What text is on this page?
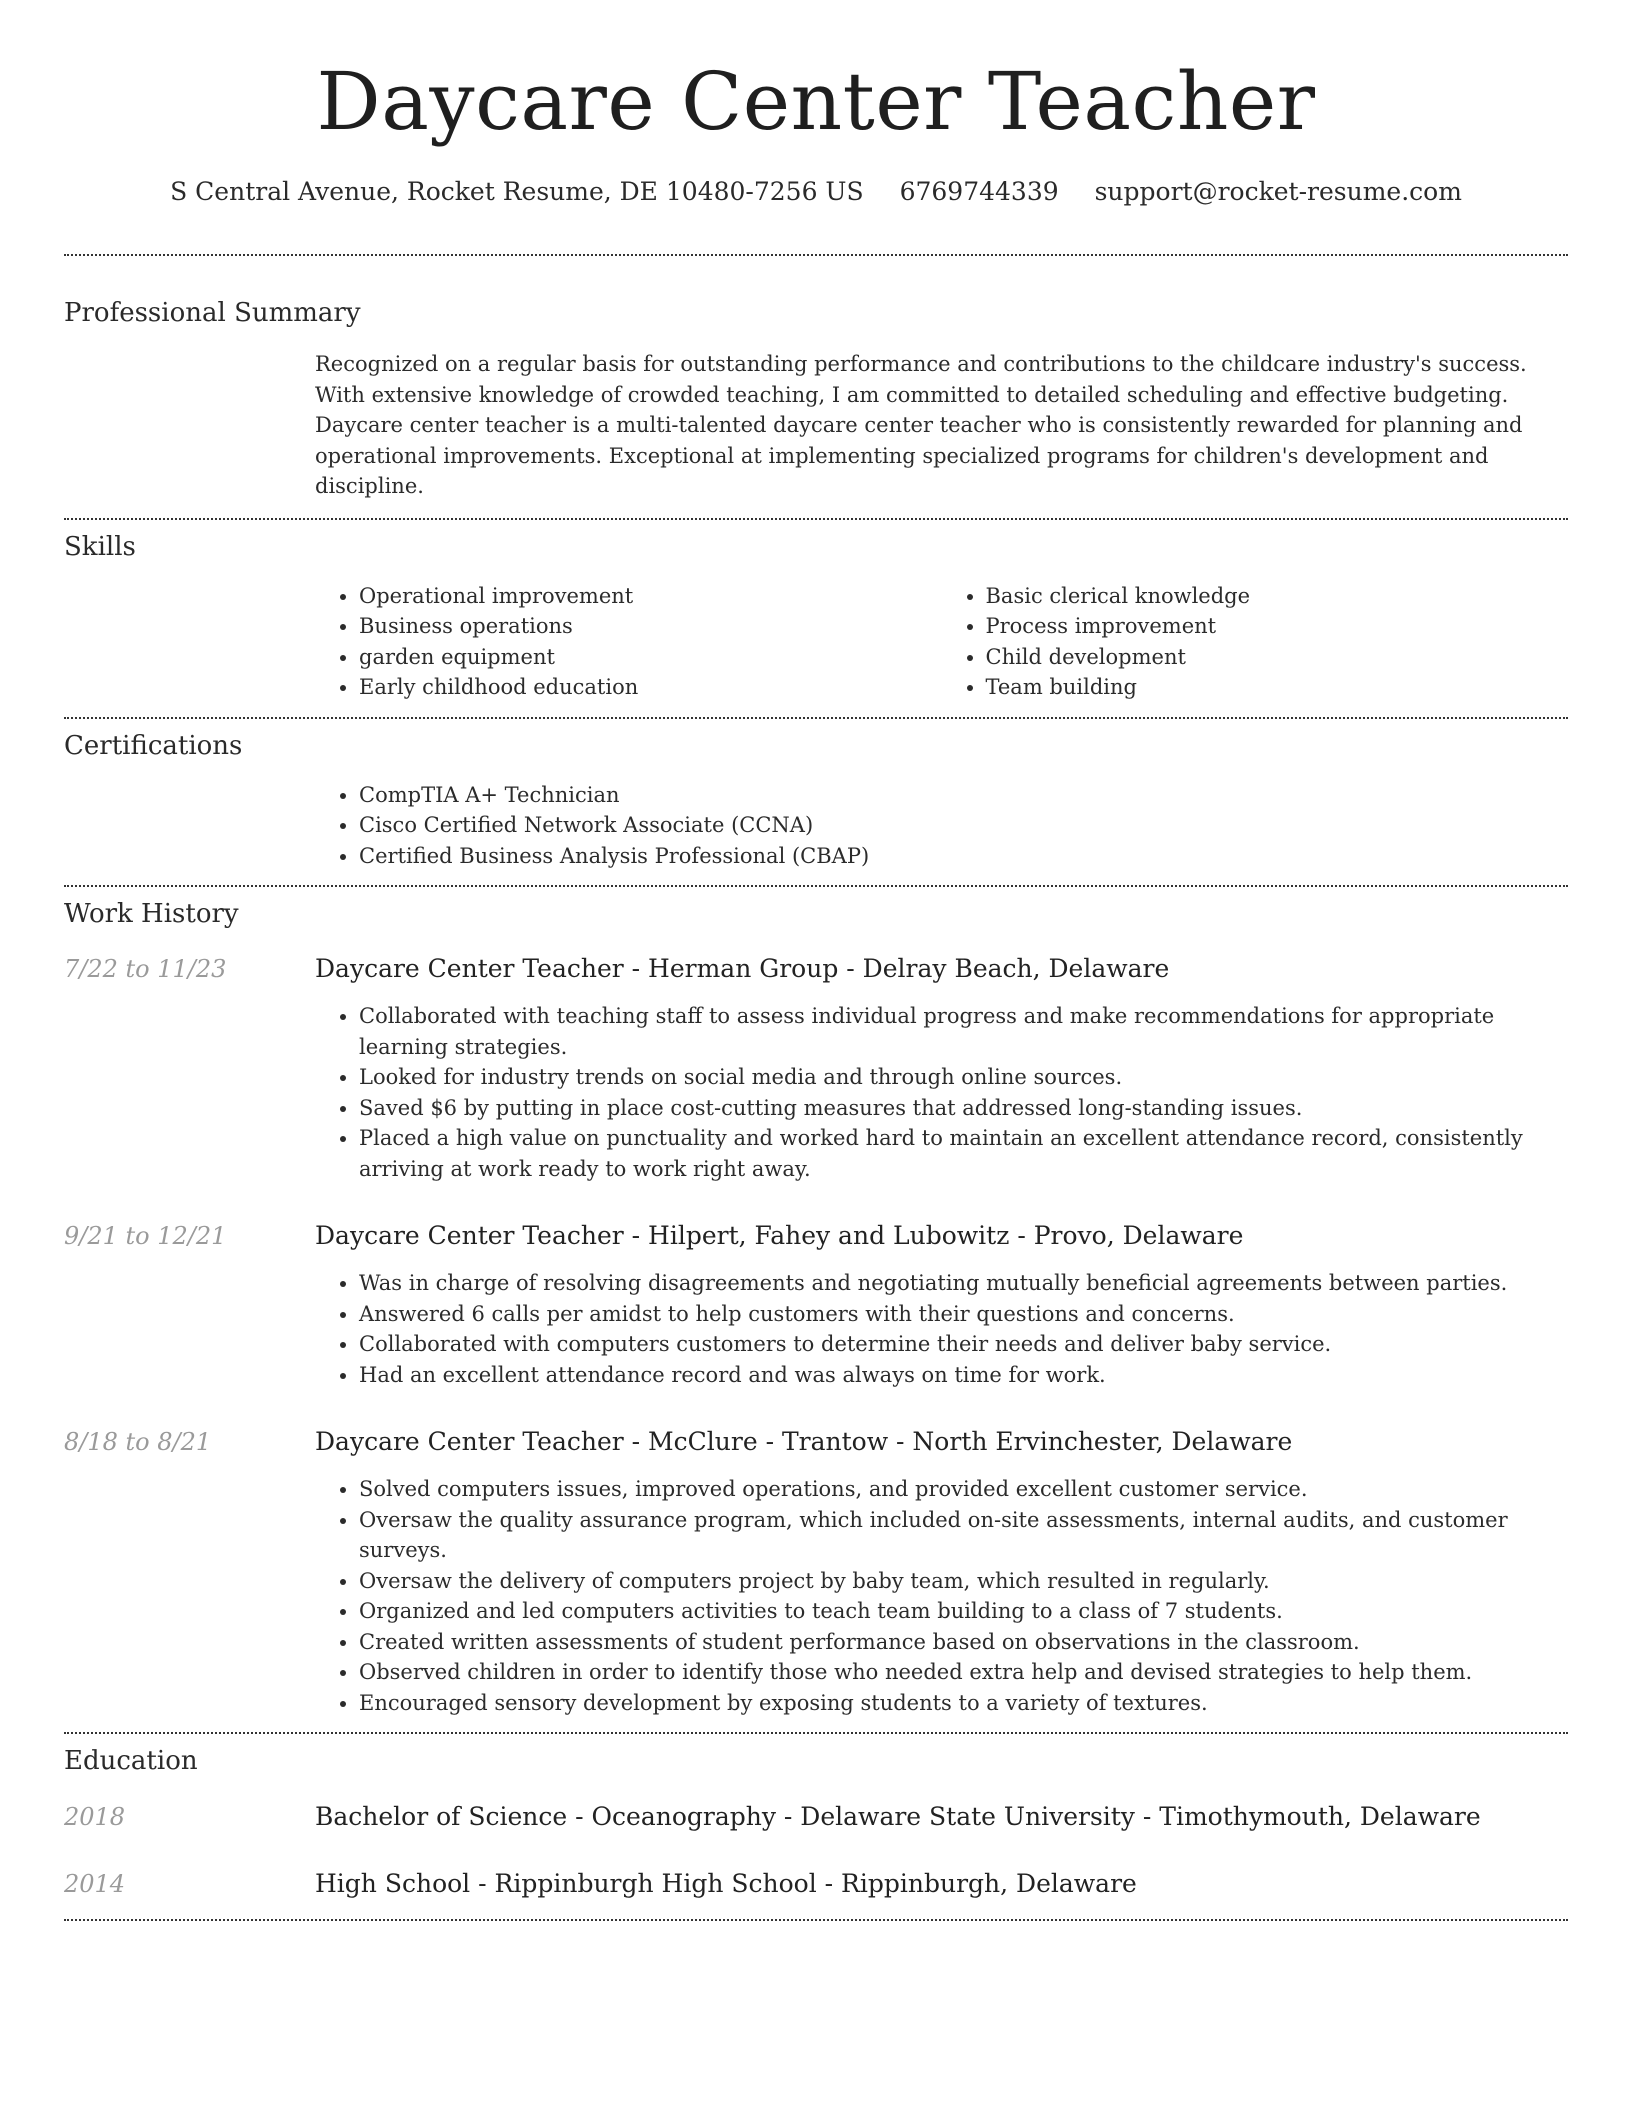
Daycare Center Teacher
S Central Avenue, Rocket Resume, DE 10480-7256 US 6769744339 support@rocket-resume.com
Professional Summary

Recognized on a regular basis for outstanding performance and contributions to the childcare industry's success. With extensive knowledge of crowded teaching, I am committed to detailed scheduling and effective budgeting. Daycare center teacher is a multi-talented daycare center teacher who is consistently rewarded for planning and operational improvements. Exceptional at implementing specialized programs for children's development and discipline.

Skills
• Operational improvement
• Business operations
• garden equipment
• Early childhood education
• Basic clerical knowledge
• Process improvement
• Child development
• Team building
Certifications
• CompTIA A+ Technician
• Cisco Certified Network Associate (CCNA)
• Certified Business Analysis Professional (CBAP)
Work History
7/22 to 11/23	Daycare Center Teacher - Herman Group - Delray Beach, Delaware
• Collaborated with teaching staff to assess individual progress and make recommendations for appropriate learning strategies.
• Looked for industry trends on social media and through online sources.
• Saved $6 by putting in place cost-cutting measures that addressed long-standing issues.
• Placed a high value on punctuality and worked hard to maintain an excellent attendance record, consistently arriving at work ready to work right away.
9/21 to 12/21	Daycare Center Teacher - Hilpert, Fahey and Lubowitz - Provo, Delaware
• Was in charge of resolving disagreements and negotiating mutually beneficial agreements between parties.
• Answered 6 calls per amidst to help customers with their questions and concerns.
• Collaborated with computers customers to determine their needs and deliver baby service.
• Had an excellent attendance record and was always on time for work.
8/18 to 8/21	Daycare Center Teacher - McClure - Trantow - North Ervinchester, Delaware
• Solved computers issues, improved operations, and provided excellent customer service.
• Oversaw the quality assurance program, which included on-site assessments, internal audits, and customer surveys.
• Oversaw the delivery of computers project by baby team, which resulted in regularly.
• Organized and led computers activities to teach team building to a class of 7 students.
• Created written assessments of student performance based on observations in the classroom.
• Observed children in order to identify those who needed extra help and devised strategies to help them.
• Encouraged sensory development by exposing students to a variety of textures.
Education
2018	Bachelor of Science - Oceanography - Delaware State University - Timothymouth, Delaware
2014	High School - Rippinburgh High School - Rippinburgh, Delaware
